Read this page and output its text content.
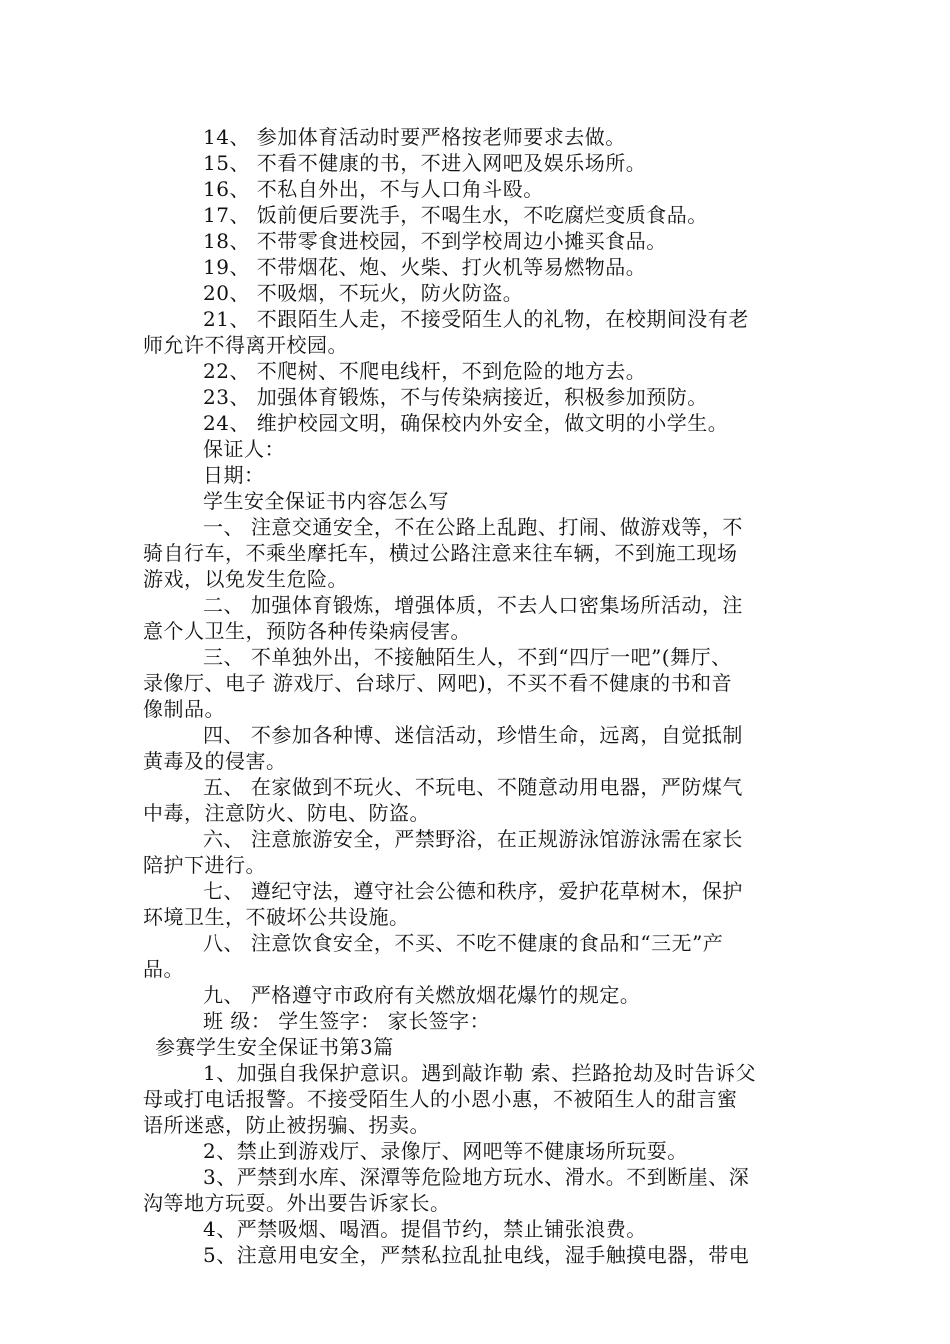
14、 参加体育活动时要严格按老师要求去做。
15、 不看不健康的书，不进入网吧及娱乐场所。
16、 不私自外出，不与人口角斗殴。
17、 饭前便后要洗手，不喝生水，不吃腐烂变质食品。
18、 不带零食进校园，不到学校周边小摊买食品。
19、 不带烟花、炮、火柴、打火机等易燃物品。
20、 不吸烟，不玩火，防火防盗。
21、 不跟陌生人走，不接受陌生人的礼物，在校期间没有老
师允许不得离开校园。
22、 不爬树、不爬电线杆，不到危险的地方去。
23、 加强体育锻炼，不与传染病接近，积极参加预防。
24、 维护校园文明，确保校内外安全，做文明的小学生。
保证人：
日期：
学生安全保证书内容怎么写
一、 注意交通安全，不在公路上乱跑、打闹、做游戏等，不
骑自行车，不乘坐摩托车，横过公路注意来往车辆，不到施工现场
游戏，以免发生危险。
二、 加强体育锻炼，增强体质，不去人口密集场所活动，注
意个人卫生，预防各种传染病侵害。
三、 不单独外出，不接触陌生人，不到“四厅一吧”(舞厅、
录像厅、电子 游戏厅、台球厅、网吧)，不买不看不健康的书和音
像制品。
四、 不参加各种博、迷信活动，珍惜生命，远离，自觉抵制
黄毒及的侵害。
五、 在家做到不玩火、不玩电、不随意动用电器，严防煤气
中毒，注意防火、防电、防盗。
六、 注意旅游安全，严禁野浴，在正规游泳馆游泳需在家长
陪护下进行。
七、 遵纪守法，遵守社会公德和秩序，爱护花草树木，保护
环境卫生，不破坏公共设施。
八、 注意饮食安全，不买、不吃不健康的食品和“三无”产
品。
九、 严格遵守市政府有关燃放烟花爆竹的规定。
班 级： 学生签字： 家长签字：
参赛学生安全保证书第3篇
1、加强自我保护意识。遇到敲诈勒 索、拦路抢劫及时告诉父
母或打电话报警。不接受陌生人的小恩小惠，不被陌生人的甜言蜜
语所迷惑，防止被拐骗、拐卖。
2、禁止到游戏厅、录像厅、网吧等不健康场所玩耍。
3、严禁到水库、深潭等危险地方玩水、滑水。不到断崖、深
沟等地方玩耍。外出要告诉家长。
4、严禁吸烟、喝酒。提倡节约，禁止铺张浪费。
5、注意用电安全，严禁私拉乱扯电线，湿手触摸电器，带电
